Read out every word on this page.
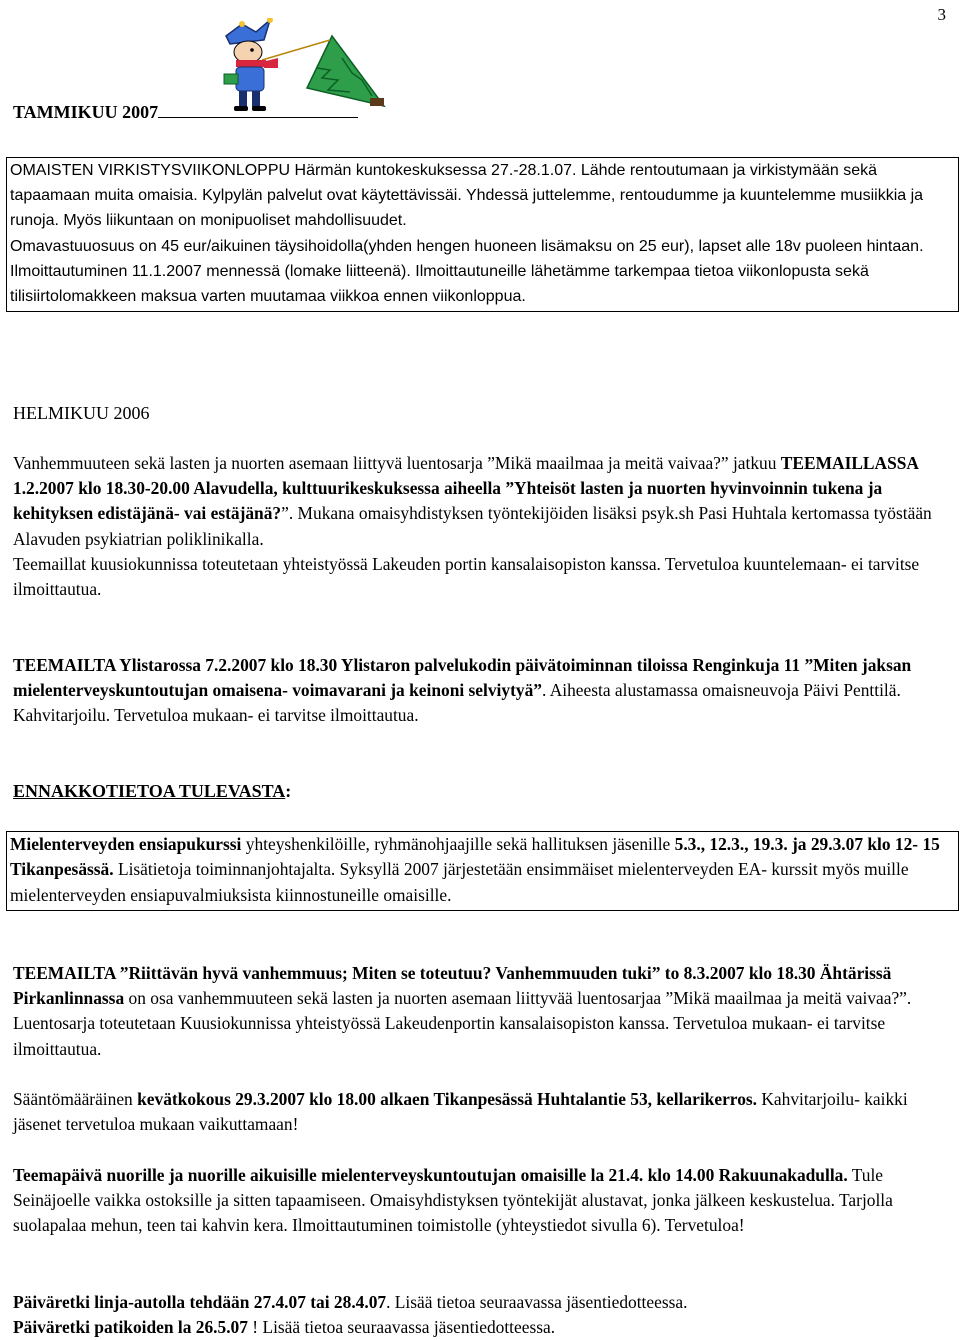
3
TAMMIKUU 2007

OMAISTEN VIRKISTYSVIIKONLOPPU Härmän kuntokeskuksessa 27.-28.1.07. Lähde rentoutumaan ja virkistymään sekä tapaamaan muita omaisia. Kylpylän palvelut ovat käytettävissäi. Yhdessä juttelemme, rentoudumme ja kuuntelemme musiikkia ja runoja. Myös liikuntaan on monipuoliset mahdollisuudet.

Omavastuuosuus on 45 eur/aikuinen täysihoidolla(yhden hengen huoneen lisämaksu on 25 eur), lapset alle 18v puoleen hintaan. Ilmoittautuminen 11.1.2007 mennessä (lomake liitteenä). Ilmoittautuneille lähetämme tarkempaa tietoa viikonlopusta sekä tilisiirtolomakkeen maksua varten muutamaa viikkoa ennen viikonloppua.

HELMIKUU 2006

Vanhemmuuteen sekä lasten ja nuorten asemaan liittyvä luentosarja ”Mikä maailmaa ja meitä vaivaa?” jatkuu TEEMAILLASSA 1.2.2007 klo 18.30-20.00 Alavudella, kulttuurikeskuksessa aiheella ”Yhteisöt lasten ja nuorten hyvinvoinnin tukena ja kehityksen edistäjänä- vai estäjänä?”. Mukana omaisyhdistyksen työntekijöiden lisäksi psyk.sh Pasi Huhtala kertomassa työstään Alavuden psykiatrian poliklinikalla.

Teemaillat kuusiokunnissa toteutetaan yhteistyössä Lakeuden portin kansalaisopiston kanssa. Tervetuloa kuuntelemaan- ei tarvitse ilmoittautua.

TEEMAILTA Ylistarossa 7.2.2007 klo 18.30 Ylistaron palvelukodin päivätoiminnan tiloissa Renginkuja 11 ”Miten jaksan mielenterveyskuntoutujan omaisena- voimavarani ja keinoni selviytyä”. Aiheesta alustamassa omaisneuvoja Päivi Penttilä. Kahvitarjoilu. Tervetuloa mukaan- ei tarvitse ilmoittautua.

ENNAKKOTIETOA TULEVASTA:

Mielenterveyden ensiapukurssi yhteyshenkilöille, ryhmänohjaajille sekä hallituksen jäsenille 5.3., 12.3., 19.3. ja 29.3.07 klo 12- 15 Tikanpesässä. Lisätietoja toiminnanjohtajalta. Syksyllä 2007 järjestetään ensimmäiset mielenterveyden EA- kurssit myös muille mielenterveyden ensiapuvalmiuksista kiinnostuneille omaisille.

TEEMAILTA ”Riittävän hyvä vanhemmuus; Miten se toteutuu? Vanhemmuuden tuki” to 8.3.2007 klo 18.30 Ähtärissä Pirkanlinnassa on osa vanhemmuuteen sekä lasten ja nuorten asemaan liittyvää luentosarjaa ”Mikä maailmaa ja meitä vaivaa?”. Luentosarja toteutetaan Kuusiokunnissa yhteistyössä Lakeudenportin kansalaisopiston kanssa. Tervetuloa mukaan- ei tarvitse ilmoittautua.

Sääntömääräinen kevätkokous 29.3.2007 klo 18.00 alkaen Tikanpesässä Huhtalantie 53, kellarikerros. Kahvitarjoilu- kaikki jäsenet tervetuloa mukaan vaikuttamaan!

Teemapäivä nuorille ja nuorille aikuisille mielenterveyskuntoutujan omaisille la 21.4. klo 14.00 Rakuunakadulla. Tule Seinäjoelle vaikka ostoksille ja sitten tapaamiseen. Omaisyhdistyksen työntekijät alustavat, jonka jälkeen keskustelua. Tarjolla suolapalaa mehun, teen tai kahvin kera. Ilmoittautuminen toimistolle (yhteystiedot sivulla 6). Tervetuloa!

Päiväretki linja-autolla tehdään 27.4.07 tai 28.4.07. Lisää tietoa seuraavassa jäsentiedotteessa.

Päiväretki patikoiden la 26.5.07 ! Lisää tietoa seuraavassa jäsentiedotteessa.
